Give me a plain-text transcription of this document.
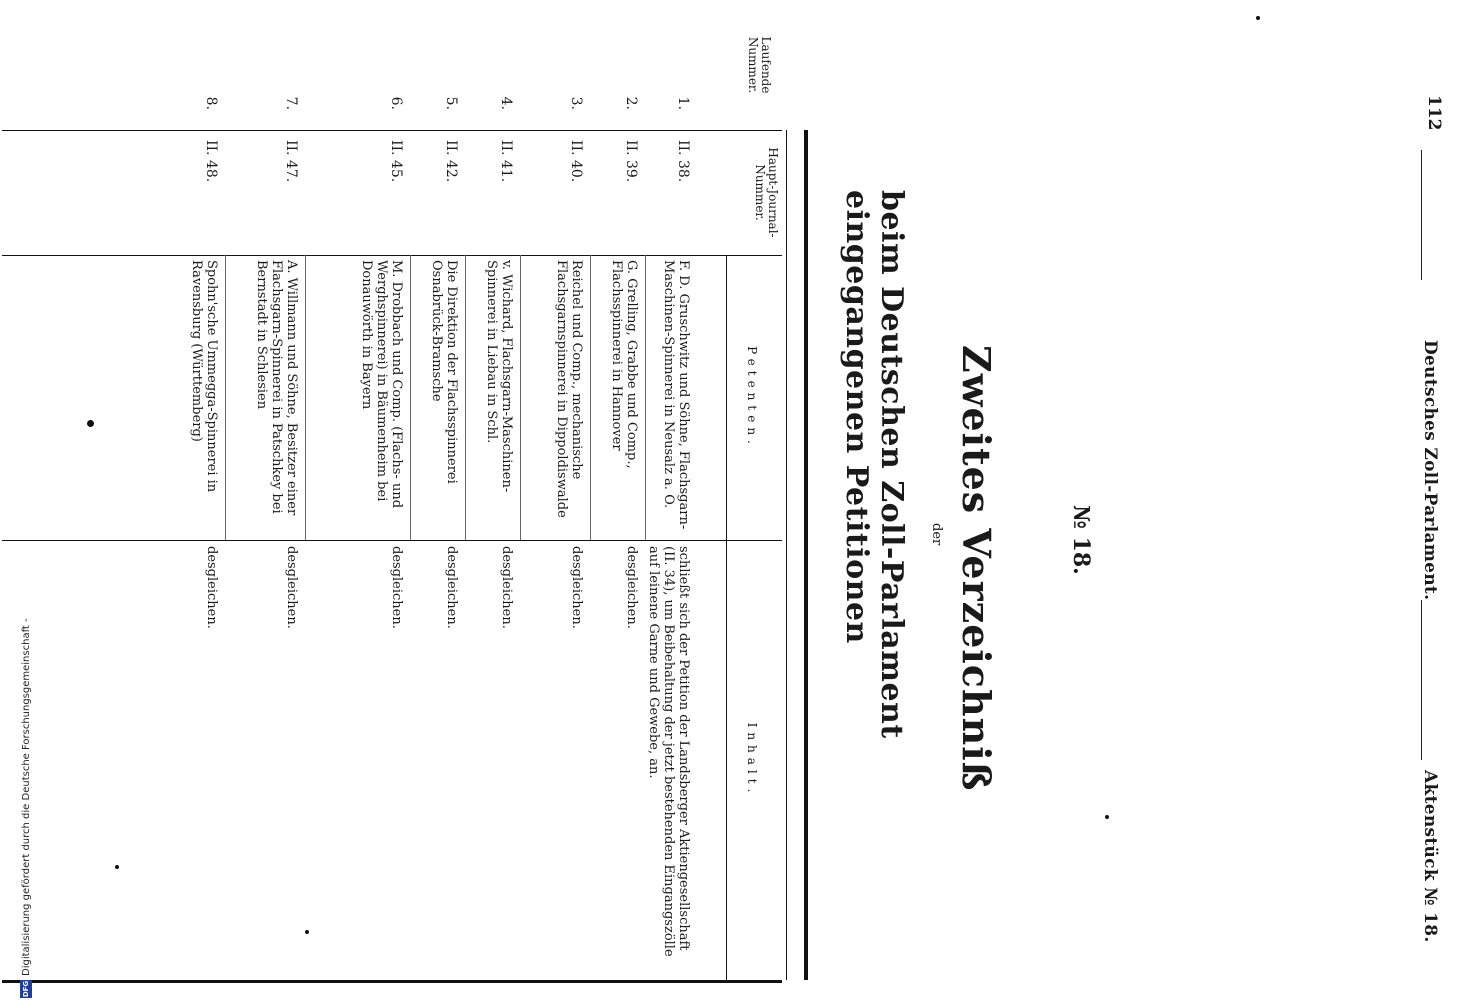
112
Deutsches Zoll-Parlament.
Aktenstück № 18.
№ 18.
Zweites Verzeichniß
der
beim Deutschen Zoll-Parlament eingegangenen Petitionen
Laufende Nummer.
Haupt-Journal-Nummer.
Petenten.
Inhalt.
1.
II. 38.
F. D. Gruschwitz und Söhne, Flachsgarn-Maschinen-Spinnerei in Neusalz a. O.
schließt sich der Petition der Landsberger Aktiengesellschaft (II. 34), um Beibehaltung der jetzt bestehenden Eingangszölle auf leinene Garne und Gewebe, an.
2.
II. 39.
G. Grelling, Grabbe und Comp., Flachsspinnerei in Hannover
desgleichen.
3.
II. 40.
Reichel und Comp., mechanische Flachsgarnspinnerei in Dippoldiswalde
desgleichen.
4.
II. 41.
v. Wichard, Flachsgarn-Maschinen-Spinnerei in Liebau in Schl.
desgleichen.
5.
II. 42.
Die Direktion der Flachsspinnerei Osnabrück-Bramsche
desgleichen.
6.
II. 45.
M. Drobbach und Comp. (Flachs- und Werghspinnerei) in Bäumenheim bei Donauwörth in Bayern
desgleichen.
7.
II. 47.
A. Willmann und Söhne, Besitzer einer Flachsgarn-Spinnerei in Patschkey bei Bernstadt in Schlesien
desgleichen.
8.
II. 48.
Spohn'sche Ummegga-Spinnerei in Ravensburg (Württemberg)
desgleichen.
DFG
Digitalisierung gefördert durch die Deutsche Forschungsgemeinschaft -
